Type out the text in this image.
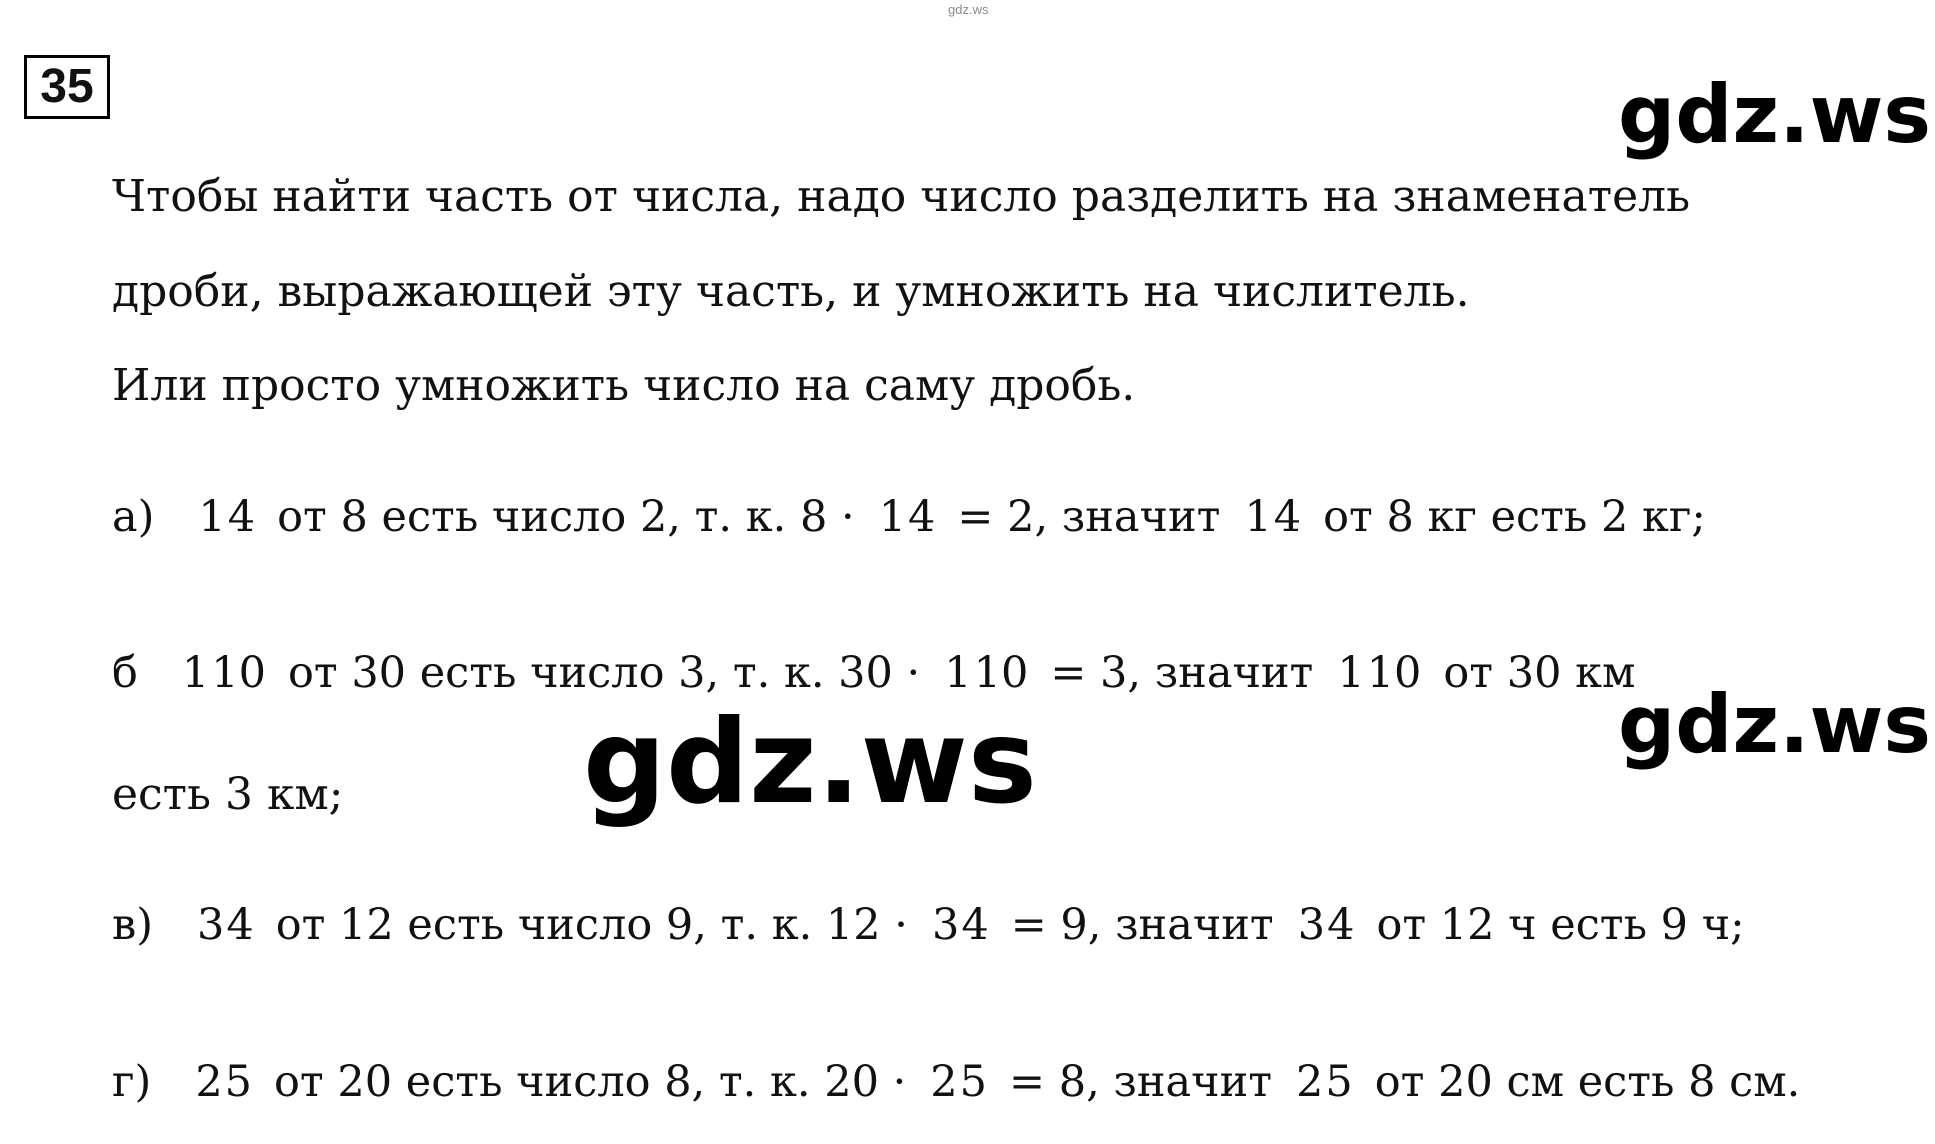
gdz.ws
35
Чтобы найти часть от числа, надо число разделить на знаменатель
дроби, выражающей эту часть, и умножить на числитель.
Или просто умножить число на саму дробь.
а) 14 от 8 есть число 2, т. к. 8 · 14 = 2, значит 14 от 8 кг есть 2 кг;
б 110 от 30 есть число 3, т. к. 30 · 110 = 3, значит 110 от 30 км
есть 3 км;
в) 34 от 12 есть число 9, т. к. 12 · 34 = 9, значит 34 от 12 ч есть 9 ч;
г) 25 от 20 есть число 8, т. к. 20 · 25 = 8, значит 25 от 20 см есть 8 см.
gdz.ws
gdz.ws
gdz.ws
